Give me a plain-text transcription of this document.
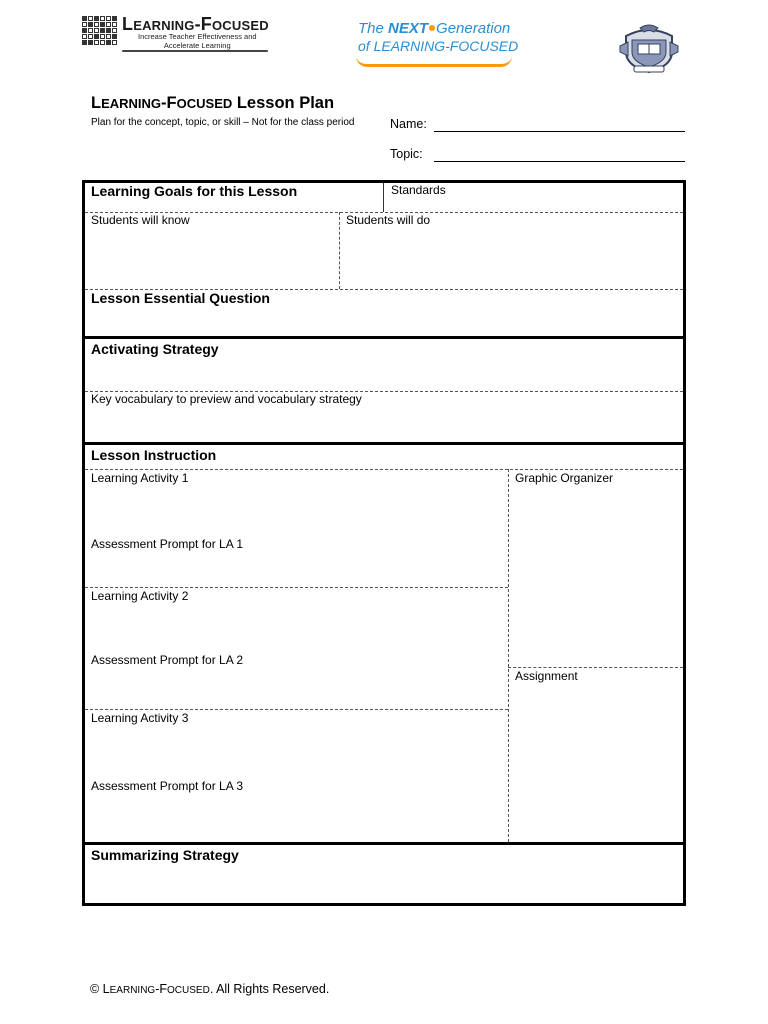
LEARNING-FOCUSED
Increase Teacher Effectiveness and
Accelerate Learning
The NEXT Generation
of LEARNING-FOCUSED
LEARNING-FOCUSED Lesson Plan
Plan for the concept, topic, or skill – Not for the class period	Name:
Topic:
Learning Goals for this Lesson	Standards
Students will know	Students will do
Lesson Essential Question
Activating Strategy
Key vocabulary to preview and vocabulary strategy
Lesson Instruction
Learning Activity 1
Assessment Prompt for LA 1
Learning Activity 2
Assessment Prompt for LA 2
Learning Activity 3
Assessment Prompt for LA 3
Graphic Organizer
Assignment
Summarizing Strategy
© LEARNING-FOCUSED. All Rights Reserved.
